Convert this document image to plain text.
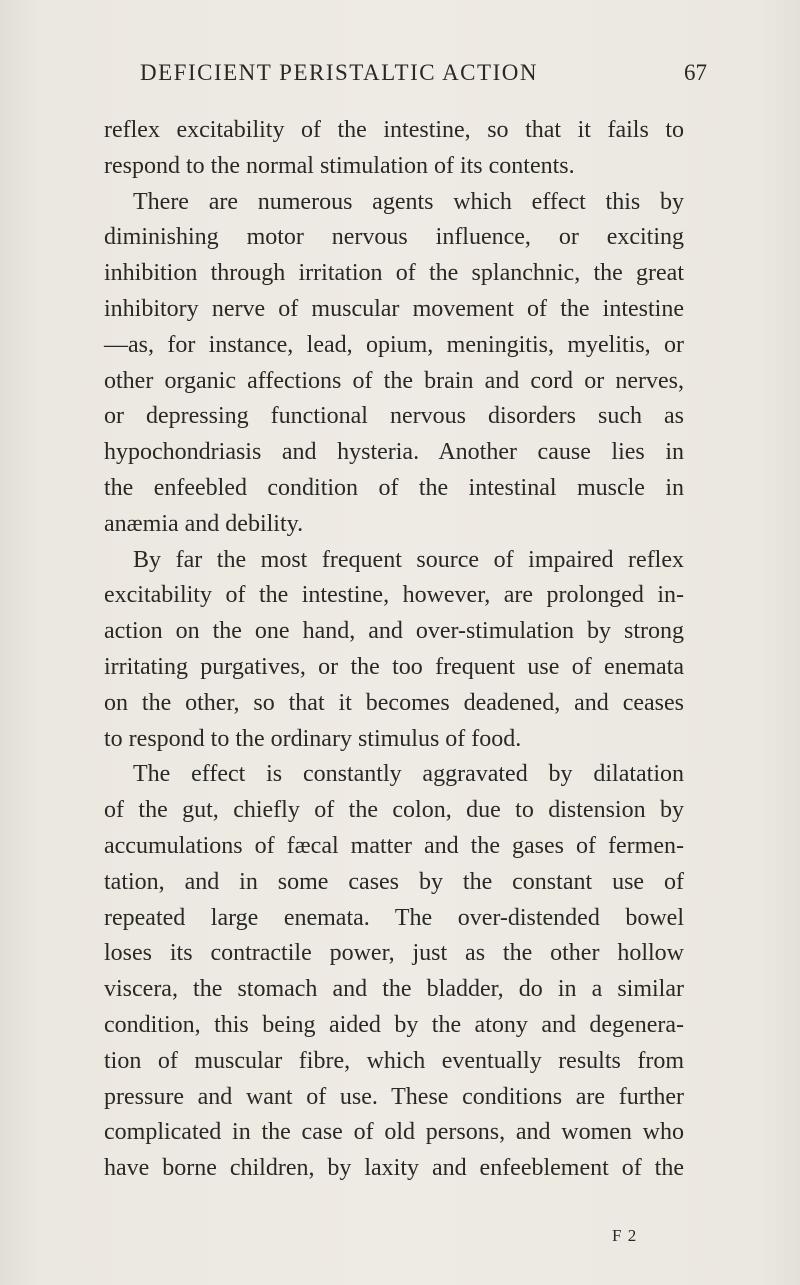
DEFICIENT PERISTALTIC ACTION	67
reflex excitability of the intestine, so that it fails to
respond to the normal stimulation of its contents.
There are numerous agents which effect this by
diminishing motor nervous influence, or exciting
inhibition through irritation of the splanchnic, the great
inhibitory nerve of muscular movement of the intestine
—as, for instance, lead, opium, meningitis, myelitis, or
other organic affections of the brain and cord or nerves,
or depressing functional nervous disorders such as
hypochondriasis and hysteria. Another cause lies in
the enfeebled condition of the intestinal muscle in
anæmia and debility.
By far the most frequent source of impaired reflex
excitability of the intestine, however, are prolonged in-
action on the one hand, and over-stimulation by strong
irritating purgatives, or the too frequent use of enemata
on the other, so that it becomes deadened, and ceases
to respond to the ordinary stimulus of food.
The effect is constantly aggravated by dilatation
of the gut, chiefly of the colon, due to distension by
accumulations of fæcal matter and the gases of fermen-
tation, and in some cases by the constant use of
repeated large enemata. The over-distended bowel
loses its contractile power, just as the other hollow
viscera, the stomach and the bladder, do in a similar
condition, this being aided by the atony and degenera-
tion of muscular fibre, which eventually results from
pressure and want of use. These conditions are further
complicated in the case of old persons, and women who
have borne children, by laxity and enfeeblement of the
F 2
